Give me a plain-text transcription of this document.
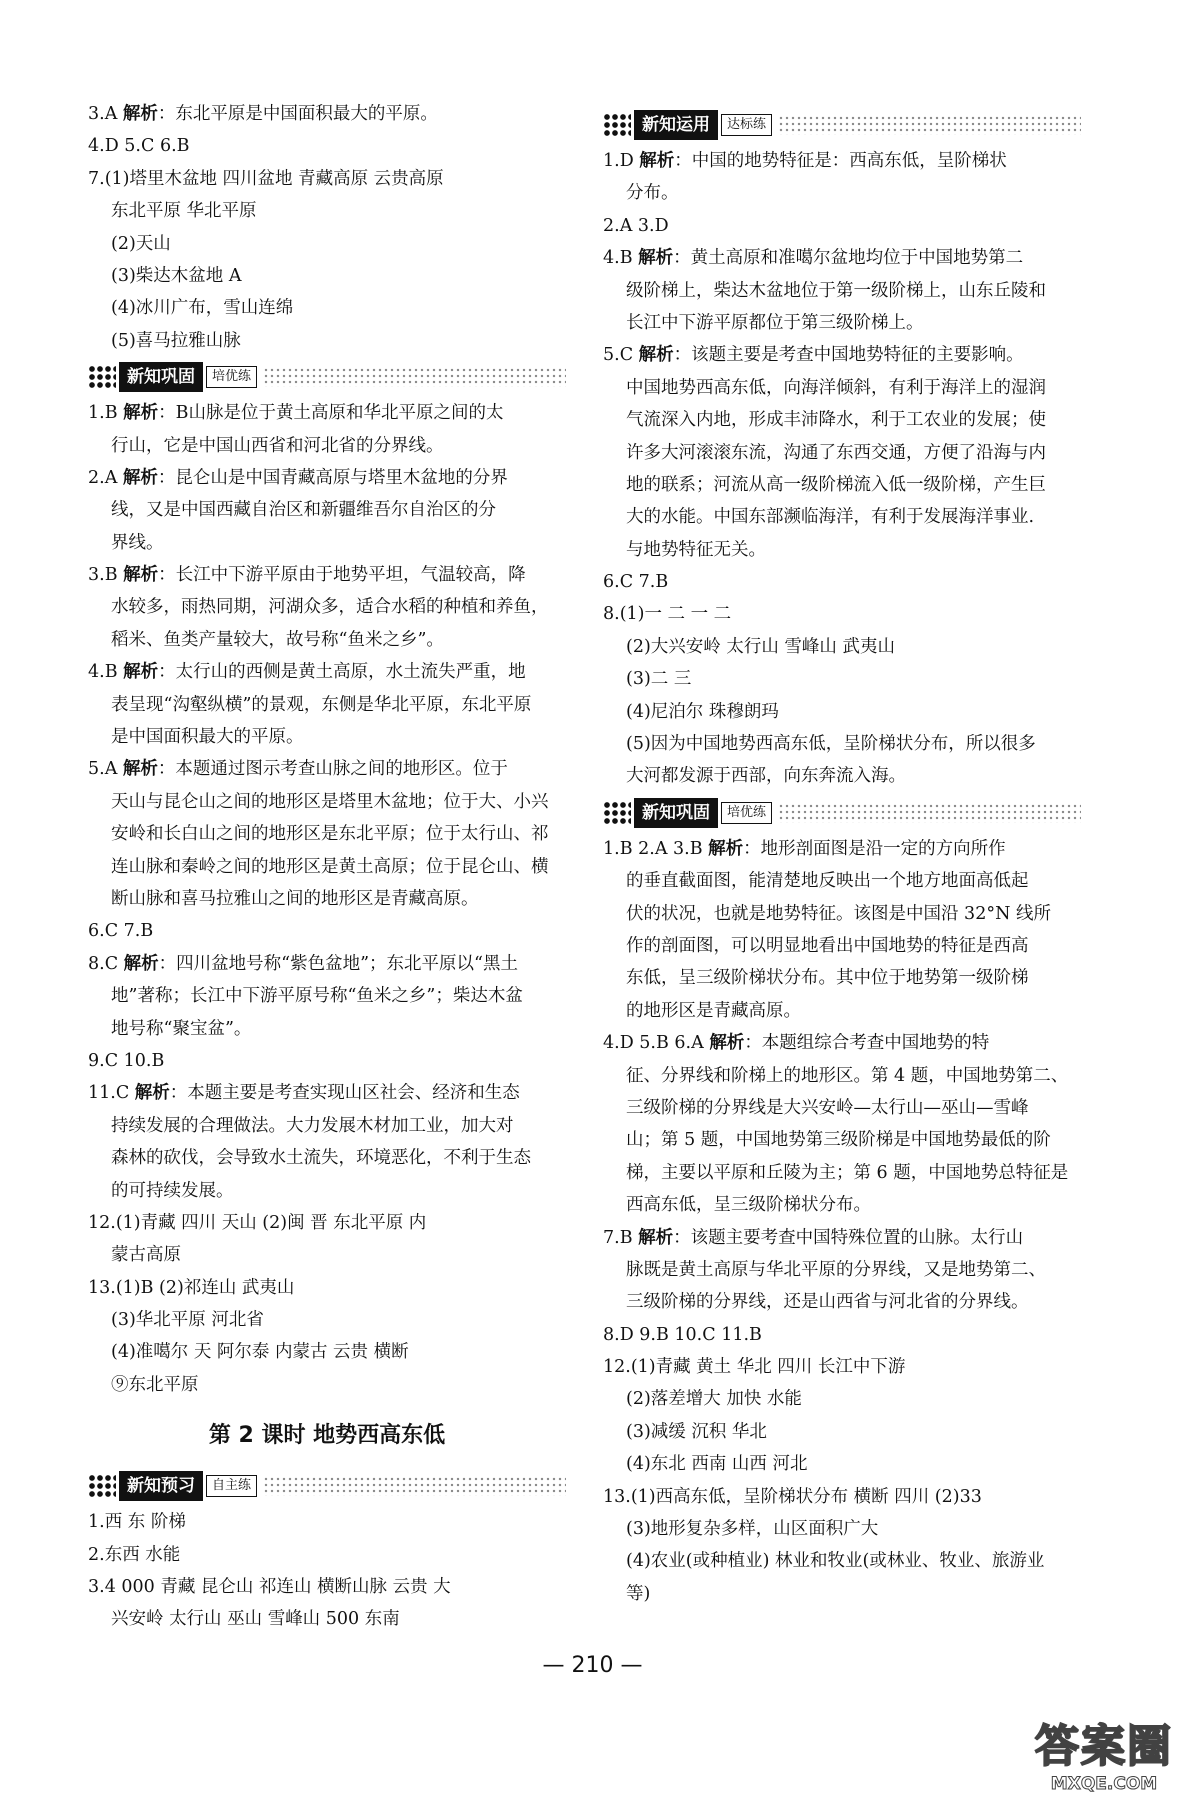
3.A 解析：东北平原是中国面积最大的平原。
4.D 5.C 6.B
7.(1)塔里木盆地 四川盆地 青藏高原 云贵高原
东北平原 华北平原
(2)天山
(3)柴达木盆地 A
(4)冰川广布，雪山连绵
(5)喜马拉雅山脉
新知巩固	培优练
1.B 解析：B山脉是位于黄土高原和华北平原之间的太
行山，它是中国山西省和河北省的分界线。
2.A 解析：昆仑山是中国青藏高原与塔里木盆地的分界
线，又是中国西藏自治区和新疆维吾尔自治区的分
界线。
3.B 解析：长江中下游平原由于地势平坦，气温较高，降
水较多，雨热同期，河湖众多，适合水稻的种植和养鱼，
稻米、鱼类产量较大，故号称“鱼米之乡”。
4.B 解析：太行山的西侧是黄土高原，水土流失严重，地
表呈现“沟壑纵横”的景观，东侧是华北平原，东北平原
是中国面积最大的平原。
5.A 解析：本题通过图示考查山脉之间的地形区。位于
天山与昆仑山之间的地形区是塔里木盆地；位于大、小兴
安岭和长白山之间的地形区是东北平原；位于太行山、祁
连山脉和秦岭之间的地形区是黄土高原；位于昆仑山、横
断山脉和喜马拉雅山之间的地形区是青藏高原。
6.C 7.B
8.C 解析：四川盆地号称“紫色盆地”；东北平原以“黑土
地”著称；长江中下游平原号称“鱼米之乡”；柴达木盆
地号称“聚宝盆”。
9.C 10.B
11.C 解析：本题主要是考查实现山区社会、经济和生态
持续发展的合理做法。大力发展木材加工业，加大对
森林的砍伐，会导致水土流失，环境恶化，不利于生态
的可持续发展。
12.(1)青藏 四川 天山 (2)闽 晋 东北平原 内
蒙古高原
13.(1)B (2)祁连山 武夷山
(3)华北平原 河北省
(4)准噶尔 天 阿尔泰 内蒙古 云贵 横断
⑨东北平原
第 2 课时 地势西高东低
新知预习	自主练
1.西 东 阶梯
2.东西 水能
3.4 000 青藏 昆仑山 祁连山 横断山脉 云贵 大
兴安岭 太行山 巫山 雪峰山 500 东南
新知运用	达标练
1.D 解析：中国的地势特征是：西高东低，呈阶梯状
分布。
2.A 3.D
4.B 解析：黄土高原和准噶尔盆地均位于中国地势第二
级阶梯上，柴达木盆地位于第一级阶梯上，山东丘陵和
长江中下游平原都位于第三级阶梯上。
5.C 解析：该题主要是考查中国地势特征的主要影响。
中国地势西高东低，向海洋倾斜，有利于海洋上的湿润
气流深入内地，形成丰沛降水，利于工农业的发展；使
许多大河滚滚东流，沟通了东西交通，方便了沿海与内
地的联系；河流从高一级阶梯流入低一级阶梯，产生巨
大的水能。中国东部濒临海洋，有利于发展海洋事业.
与地势特征无关。
6.C 7.B
8.(1)一 二 一 二
(2)大兴安岭 太行山 雪峰山 武夷山
(3)二 三
(4)尼泊尔 珠穆朗玛
(5)因为中国地势西高东低，呈阶梯状分布，所以很多
大河都发源于西部，向东奔流入海。
新知巩固	培优练
1.B 2.A 3.B 解析：地形剖面图是沿一定的方向所作
的垂直截面图，能清楚地反映出一个地方地面高低起
伏的状况，也就是地势特征。该图是中国沿 32°N 线所
作的剖面图，可以明显地看出中国地势的特征是西高
东低，呈三级阶梯状分布。其中位于地势第一级阶梯
的地形区是青藏高原。
4.D 5.B 6.A 解析：本题组综合考查中国地势的特
征、分界线和阶梯上的地形区。第 4 题，中国地势第二、
三级阶梯的分界线是大兴安岭—太行山—巫山—雪峰
山；第 5 题，中国地势第三级阶梯是中国地势最低的阶
梯，主要以平原和丘陵为主；第 6 题，中国地势总特征是
西高东低，呈三级阶梯状分布。
7.B 解析：该题主要考查中国特殊位置的山脉。太行山
脉既是黄土高原与华北平原的分界线，又是地势第二、
三级阶梯的分界线，还是山西省与河北省的分界线。
8.D 9.B 10.C 11.B
12.(1)青藏 黄土 华北 四川 长江中下游
(2)落差增大 加快 水能
(3)减缓 沉积 华北
(4)东北 西南 山西 河北
13.(1)西高东低，呈阶梯状分布 横断 四川 (2)33
(3)地形复杂多样，山区面积广大
(4)农业(或种植业) 林业和牧业(或林业、牧业、旅游业
等)
— 210 —
答案圈
MXQE.COM
